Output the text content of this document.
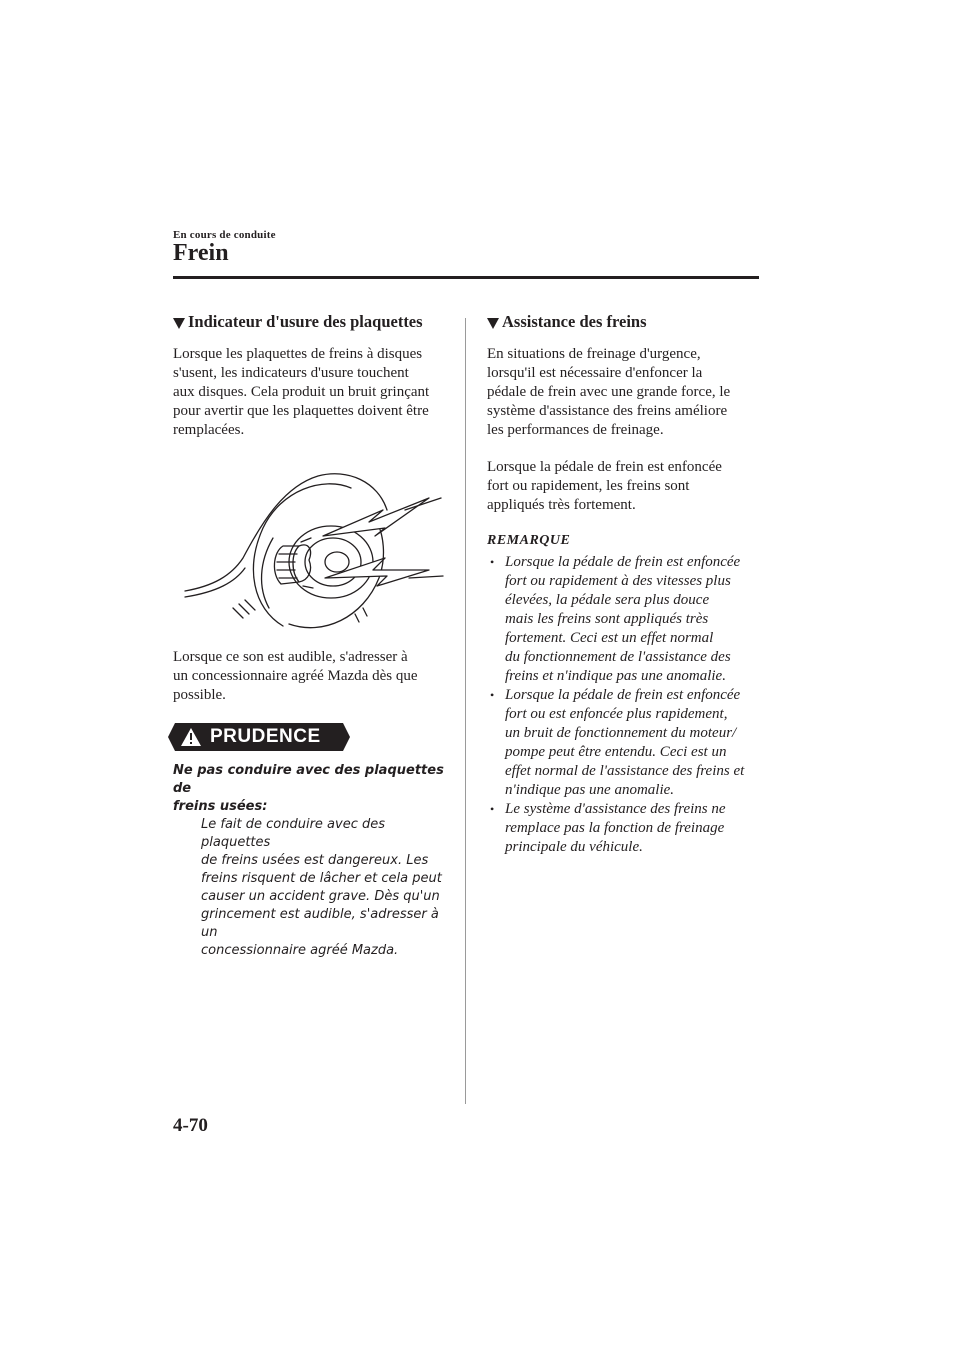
En cours de conduite
Frein
Indicateur d'usure des plaquettes

Lorsque les plaquettes de freins à disques
s'usent, les indicateurs d'usure touchent
aux disques. Cela produit un bruit grinçant
pour avertir que les plaquettes doivent être
remplacées.

Lorsque ce son est audible, s'adresser à
un concessionnaire agréé Mazda dès que
possible.

PRUDENCE
Ne pas conduire avec des plaquettes de
freins usées:
Le fait de conduire avec des plaquettes
de freins usées est dangereux. Les
freins risquent de lâcher et cela peut
causer un accident grave. Dès qu'un
grincement est audible, s'adresser à un
concessionnaire agréé Mazda.
Assistance des freins

En situations de freinage d'urgence,
lorsqu'il est nécessaire d'enfoncer la
pédale de frein avec une grande force, le
système d'assistance des freins améliore
les performances de freinage.

Lorsque la pédale de frein est enfoncée
fort ou rapidement, les freins sont
appliqués très fortement.

REMARQUE
• Lorsque la pédale de frein est enfoncée
fort ou rapidement à des vitesses plus
élevées, la pédale sera plus douce
mais les freins sont appliqués très
fortement. Ceci est un effet normal
du fonctionnement de l'assistance des
freins et n'indique pas une anomalie.
• Lorsque la pédale de frein est enfoncée
fort ou est enfoncée plus rapidement,
un bruit de fonctionnement du moteur/
pompe peut être entendu. Ceci est un
effet normal de l'assistance des freins et
n'indique pas une anomalie.
• Le système d'assistance des freins ne
remplace pas la fonction de freinage
principale du véhicule.
4-70
